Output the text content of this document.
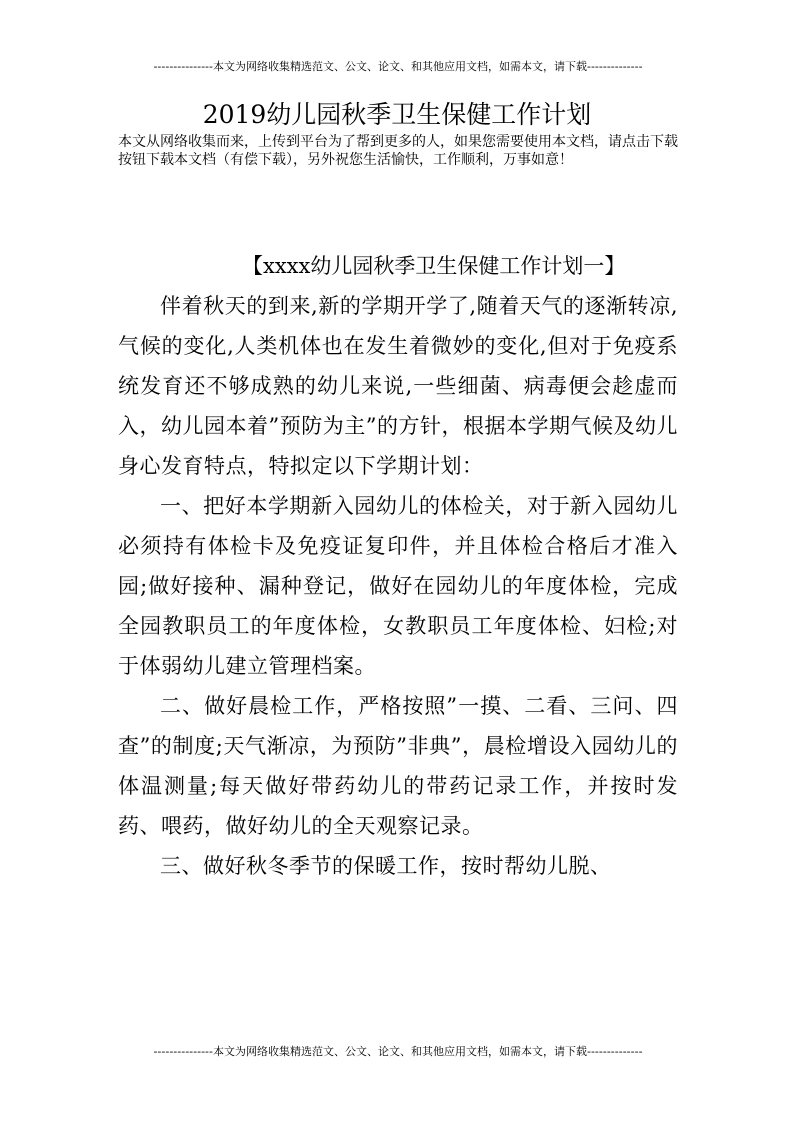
---------------本文为网络收集精选范文、公文、论文、和其他应用文档，如需本文，请下载--------------
2019幼儿园秋季卫生保健工作计划

本文从网络收集而来，上传到平台为了帮到更多的人，如果您需要使用本文档，请点击下载按钮下载本文档（有偿下载），另外祝您生活愉快，工作顺利，万事如意！

【xxxx幼儿园秋季卫生保健工作计划一】

伴着秋天的到来,新的学期开学了,随着天气的逐渐转凉,气候的变化,人类机体也在发生着微妙的变化,但对于免疫系统发育还不够成熟的幼儿来说,一些细菌、病毒便会趁虚而入，幼儿园本着”预防为主”的方针，根据本学期气候及幼儿身心发育特点，特拟定以下学期计划：

一、把好本学期新入园幼儿的体检关，对于新入园幼儿必须持有体检卡及免疫证复印件，并且体检合格后才准入园;做好接种、漏种登记，做好在园幼儿的年度体检，完成全园教职员工的年度体检，女教职员工年度体检、妇检;对于体弱幼儿建立管理档案。

二、做好晨检工作，严格按照”一摸、二看、三问、四查”的制度;天气渐凉，为预防”非典”，晨检增设入园幼儿的体温测量;每天做好带药幼儿的带药记录工作，并按时发药、喂药，做好幼儿的全天观察记录。

三、做好秋冬季节的保暖工作，按时帮幼儿脱、

---------------本文为网络收集精选范文、公文、论文、和其他应用文档，如需本文，请下载--------------
